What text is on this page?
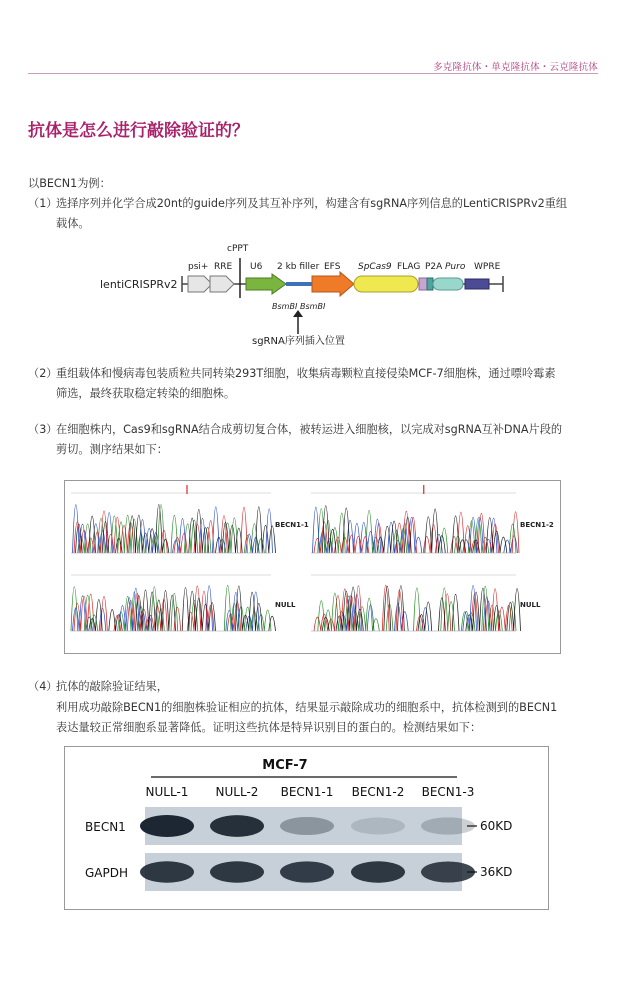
多克隆抗体・单克隆抗体・云克隆抗体
抗体是怎么进行敲除验证的？
以BECN1为例：
（1）
选择序列并化学合成20nt的guide序列及其互补序列，构建含有sgRNA序列信息的LentiCRISPRv2重组
载体。
lentiCRISPRv2
psi+ RRE
cPPT
U6 2 kb filler EFS SpCas9 FLAG P2A Puro WPRE
BsmBI BsmBI
sgRNA序列插入位置
（2）
重组载体和慢病毒包装质粒共同转染293T细胞，收集病毒颗粒直接侵染MCF-7细胞株，通过嘌呤霉素
筛选，最终获取稳定转染的细胞株。
（3）
在细胞株内，Cas9和sgRNA结合成剪切复合体，被转运进入细胞核，以完成对sgRNA互补DNA片段的
剪切。测序结果如下：
BECN1-1	BECN1-2
NULL	NULL
（4）
抗体的敲除验证结果，
利用成功敲除BECN1的细胞株验证相应的抗体，结果显示敲除成功的细胞系中，抗体检测到的BECN1
表达量较正常细胞系显著降低。证明这些抗体是特异识别目的蛋白的。检测结果如下：
MCF-7
NULL-1 NULL-2 BECN1-1 BECN1-2 BECN1-3
BECN1	60KD
GAPDH	36KD
